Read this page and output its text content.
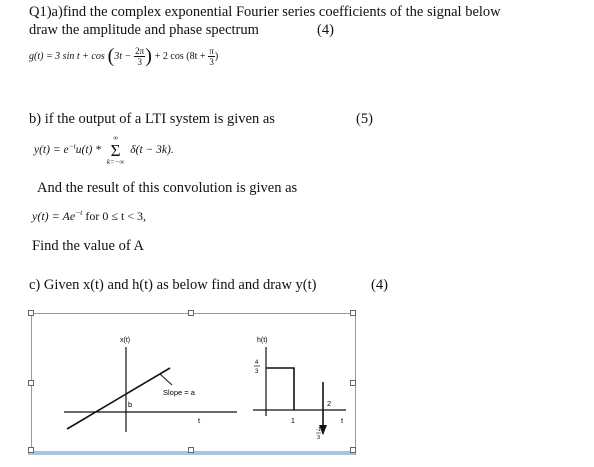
Q1)a)find the complex exponential Fourier series coefficients of the signal below
draw the amplitude and phase spectrum	(4)
g(t) = 3 $\sin t + \cos (3t - \frac{2\pi}{3}$ ) + 2 $\cos (8t + \frac{\pi}{3}$ )
b) if the output of a LTI system is given as	(5)
$y(t) = e^{-t}u(t)$ *
∞
Σ
k=−∞
δ(t − 3k).
And the result of this convolution is given as
$y(t) = Ae^{-t}$ for 0 ≤ t < 3,
Find the value of A
c) Given x(t) and h(t) as below find and draw y(t)	(4)
x(t)
b
Slope = a
t
h(t)
4
3
2
1	t
-1
3
